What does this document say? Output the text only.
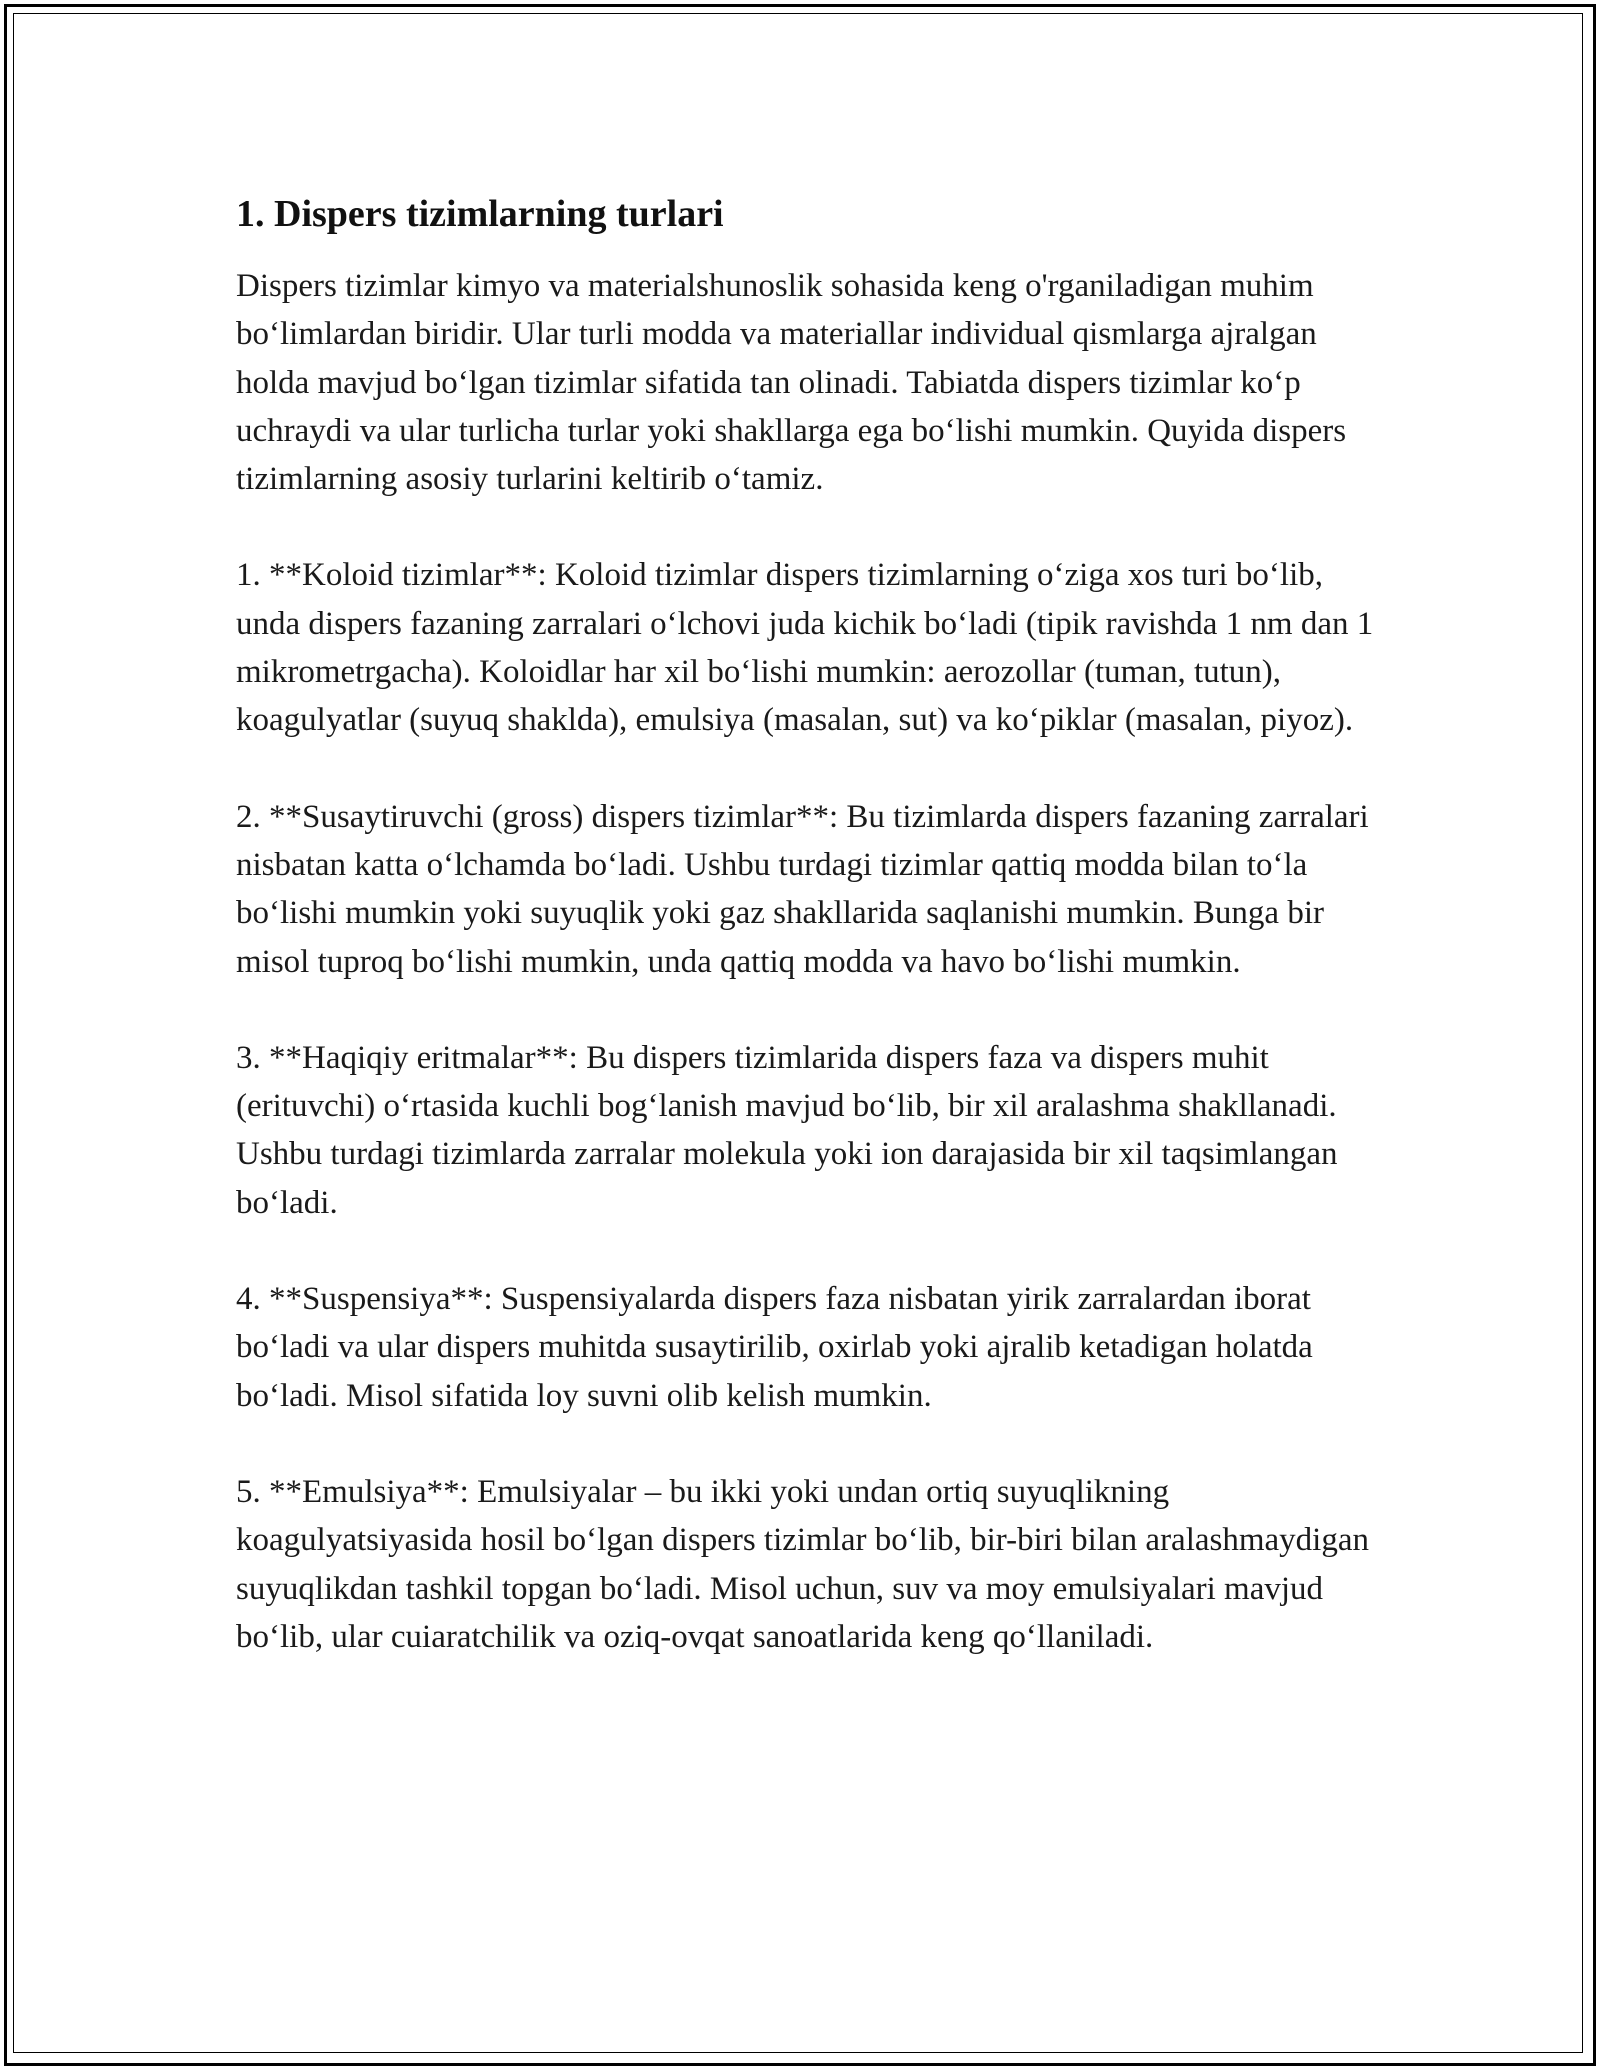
1. Dispers tizimlarning turlari

Dispers tizimlar kimyo va materialshunoslik sohasida keng o'rganiladigan muhim bo‘limlardan biridir. Ular turli modda va materiallar individual qismlarga ajralgan holda mavjud bo‘lgan tizimlar sifatida tan olinadi. Tabiatda dispers tizimlar ko‘p uchraydi va ular turlicha turlar yoki shakllarga ega bo‘lishi mumkin. Quyida dispers tizimlarning asosiy turlarini keltirib o‘tamiz.

1. **Koloid tizimlar**: Koloid tizimlar dispers tizimlarning o‘ziga xos turi bo‘lib, unda dispers fazaning zarralari o‘lchovi juda kichik bo‘ladi (tipik ravishda 1 nm dan 1 mikrometrgacha). Koloidlar har xil bo‘lishi mumkin: aerozollar (tuman, tutun), koagulyatlar (suyuq shaklda), emulsiya (masalan, sut) va ko‘piklar (masalan, piyoz).

2. **Susaytiruvchi (gross) dispers tizimlar**: Bu tizimlarda dispers fazaning zarralari nisbatan katta o‘lchamda bo‘ladi. Ushbu turdagi tizimlar qattiq modda bilan to‘la bo‘lishi mumkin yoki suyuqlik yoki gaz shakllarida saqlanishi mumkin. Bunga bir misol tuproq bo‘lishi mumkin, unda qattiq modda va havo bo‘lishi mumkin.

3. **Haqiqiy eritmalar**: Bu dispers tizimlarida dispers faza va dispers muhit (erituvchi) o‘rtasida kuchli bog‘lanish mavjud bo‘lib, bir xil aralashma shakllanadi. Ushbu turdagi tizimlarda zarralar molekula yoki ion darajasida bir xil taqsimlangan bo‘ladi.

4. **Suspensiya**: Suspensiyalarda dispers faza nisbatan yirik zarralardan iborat bo‘ladi va ular dispers muhitda susaytirilib, oxirlab yoki ajralib ketadigan holatda bo‘ladi. Misol sifatida loy suvni olib kelish mumkin.

5. **Emulsiya**: Emulsiyalar – bu ikki yoki undan ortiq suyuqlikning koagulyatsiyasida hosil bo‘lgan dispers tizimlar bo‘lib, bir-biri bilan aralashmaydigan suyuqlikdan tashkil topgan bo‘ladi. Misol uchun, suv va moy emulsiyalari mavjud bo‘lib, ular cuiaratchilik va oziq-ovqat sanoatlarida keng qo‘llaniladi.
